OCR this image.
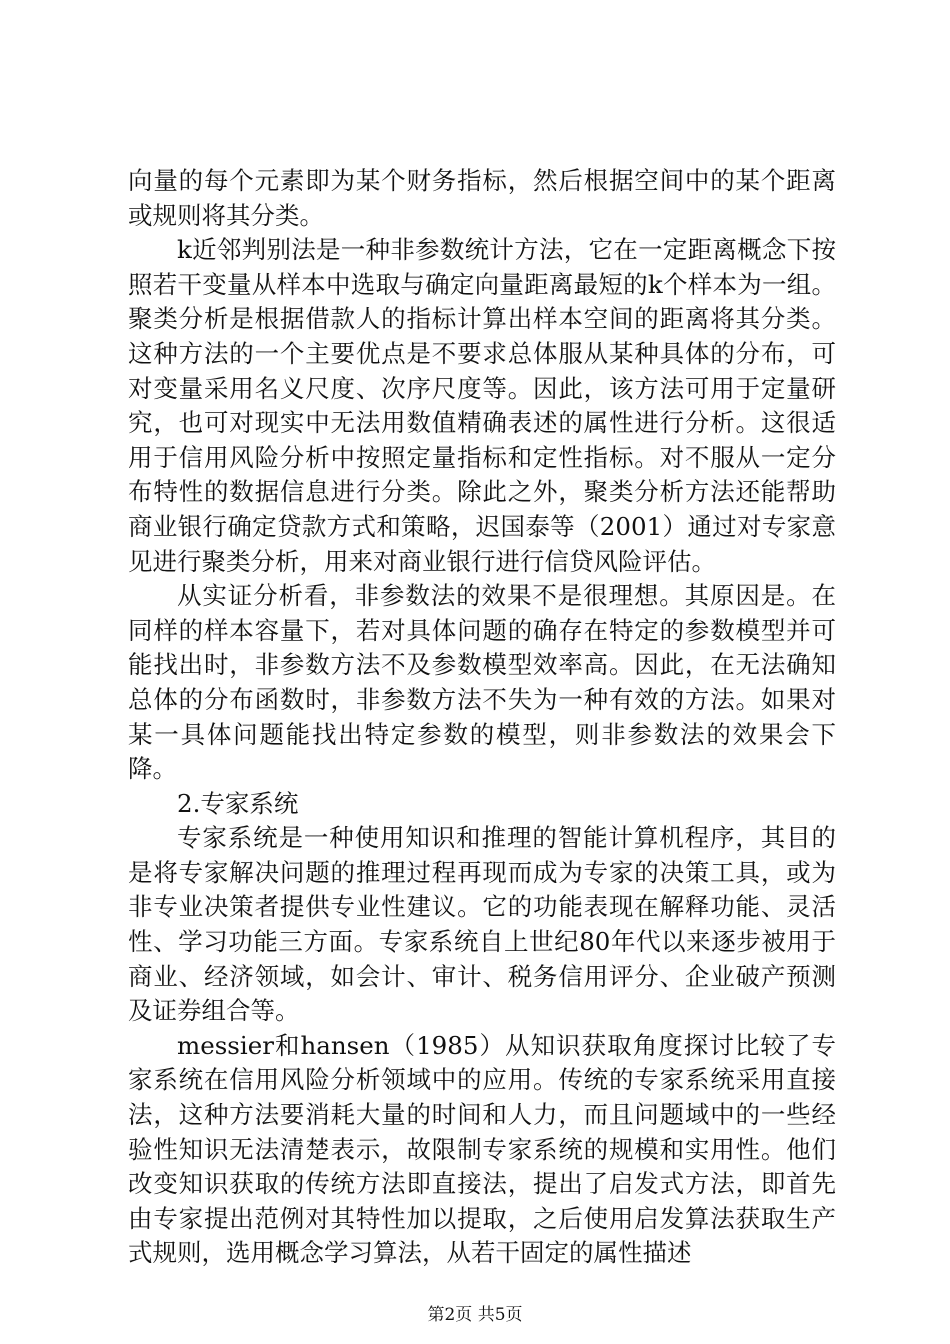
向量的每个元素即为某个财务指标，然后根据空间中的某个距离或规则将其分类。

k近邻判别法是一种非参数统计方法，它在一定距离概念下按照若干变量从样本中选取与确定向量距离最短的k个样本为一组。聚类分析是根据借款人的指标计算出样本空间的距离将其分类。这种方法的一个主要优点是不要求总体服从某种具体的分布，可对变量采用名义尺度、次序尺度等。因此，该方法可用于定量研究，也可对现实中无法用数值精确表述的属性进行分析。这很适用于信用风险分析中按照定量指标和定性指标。对不服从一定分布特性的数据信息进行分类。除此之外，聚类分析方法还能帮助商业银行确定贷款方式和策略，迟国泰等（2001）通过对专家意见进行聚类分析，用来对商业银行进行信贷风险评估。

从实证分析看，非参数法的效果不是很理想。其原因是。在同样的样本容量下，若对具体问题的确存在特定的参数模型并可能找出时，非参数方法不及参数模型效率高。因此，在无法确知总体的分布函数时，非参数方法不失为一种有效的方法。如果对某一具体问题能找出特定参数的模型，则非参数法的效果会下降。

2.专家系统

专家系统是一种使用知识和推理的智能计算机程序，其目的是将专家解决问题的推理过程再现而成为专家的决策工具，或为非专业决策者提供专业性建议。它的功能表现在解释功能、灵活性、学习功能三方面。专家系统自上世纪80年代以来逐步被用于商业、经济领域，如会计、审计、税务信用评分、企业破产预测及证券组合等。

messier和hansen（1985）从知识获取角度探讨比较了专家系统在信用风险分析领域中的应用。传统的专家系统采用直接法，这种方法要消耗大量的时间和人力，而且问题域中的一些经验性知识无法清楚表示，故限制专家系统的规模和实用性。他们改变知识获取的传统方法即直接法，提出了启发式方法，即首先由专家提出范例对其特性加以提取，之后使用启发算法获取生产式规则，选用概念学习算法，从若干固定的属性描述

第2页 共5页
